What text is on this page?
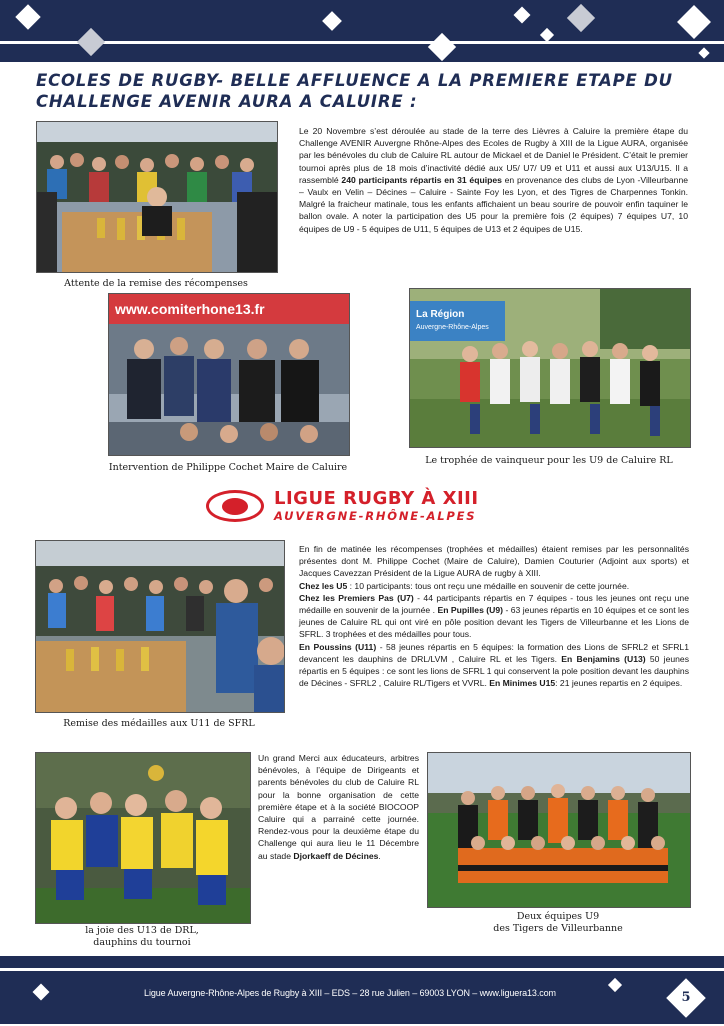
ECOLES DE RUGBY- BELLE AFFLUENCE A LA PREMIERE ETAPE DU CHALLENGE AVENIR AURA A CALUIRE :

Attente de la remise des récompenses

Le 20 Novembre s’est déroulée au stade de la terre des Lièvres à Caluire la première étape du Challenge AVENIR Auvergne Rhône-Alpes des Ecoles de Rugby à XIII de la Ligue AURA, organisée par les bénévoles du club de Caluire RL autour de Mickael et de Daniel le Président. C’était le premier tournoi après plus de 18 mois d’inactivité dédié aux U5/ U7/ U9 et U11 et aussi aux U13/U15. Il a rassemblé 240 participants répartis en 31 équipes en provenance des clubs de Lyon -Villeurbanne – Vaulx en Velin – Décines – Caluire - Sainte Foy les Lyon, et des Tigres de Charpennes Tonkin. Malgré la fraicheur matinale, tous les enfants affichaient un beau sourire de pouvoir enfin taquiner le ballon ovale. A noter la participation des U5 pour la première fois (2 équipes) 7 équipes U7, 10 équipes de U9 - 5 équipes de U11, 5 équipes de U13 et 2 équipes de U15.

www.comiterhone13.fr

Intervention de Philippe Cochet Maire de Caluire

La Région
Auvergne-Rhône-Alpes

Le trophée de vainqueur pour les U9 de Caluire RL

LIGUE RUGBY À XIII
AUVERGNE-RHÔNE-ALPES

Remise des médailles aux U11 de SFRL

En fin de matinée les récompenses (trophées et médailles) étaient remises par les personnalités présentes dont M. Philippe Cochet (Maire de Caluire), Damien Couturier (Adjoint aux sports) et Jacques Cavezzan Président de la Ligue AURA de rugby à XIII.
Chez les U5 : 10 participants: tous ont reçu une médaille en souvenir de cette journée.
Chez les Premiers Pas (U7) - 44 participants répartis en 7 équipes - tous les jeunes ont reçu une médaille en souvenir de la journée . En Pupilles (U9) - 63 jeunes répartis en 10 équipes et ce sont les jeunes de Caluire RL qui ont viré en pôle position devant les Tigers de Villeurbanne et les Lions de SFRL. 3 trophées et des médailles pour tous.
En Poussins (U11) - 58 jeunes répartis en 5 équipes: la formation des Lions de SFRL2 et SFRL1 devancent les dauphins de DRL/LVM , Caluire RL et les Tigers. En Benjamins (U13) 50 jeunes répartis en 5 équipes : ce sont les lions de SFRL 1 qui conservent la pole position devant les dauphins de Décines - SFRL2 , Caluire RL/Tigers et VVRL. En Minimes U15: 21 jeunes repartis en 2 équipes.

la joie des U13 de DRL,

dauphins du tournoi

Un grand Merci aux éducateurs, arbitres bénévoles, à l’équipe de Dirigeants et parents bénévoles du club de Caluire RL pour la bonne organisation de cette première étape et à la société BIOCOOP Caluire qui a parrainé cette journée. Rendez-vous pour la deuxième étape du Challenge qui aura lieu le 11 Décembre au stade Djorkaeff de Décines.

Deux équipes U9

des Tigers de Villeurbanne

Ligue Auvergne-Rhône-Alpes de Rugby à XIII – EDS – 28 rue Julien – 69003 LYON – www.liguera13.com	5
